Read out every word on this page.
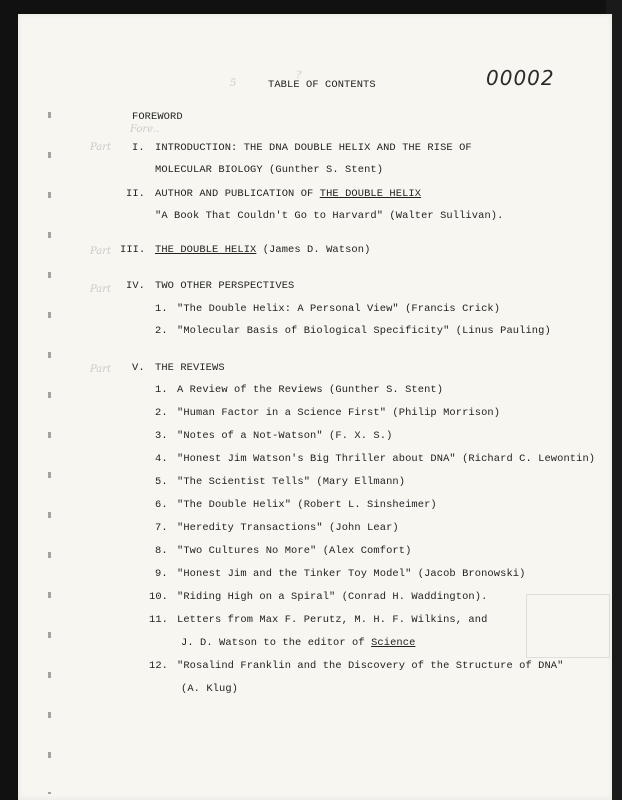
00002
5
?
Fore..
Part
Part
Part
Part
TABLE OF CONTENTS
FOREWORD
I. INTRODUCTION: THE DNA DOUBLE HELIX AND THE RISE OF
MOLECULAR BIOLOGY (Gunther S. Stent)
II. AUTHOR AND PUBLICATION OF THE DOUBLE HELIX
"A Book That Couldn't Go to Harvard" (Walter Sullivan).
III. THE DOUBLE HELIX (James D. Watson)
IV. TWO OTHER PERSPECTIVES
1. "The Double Helix: A Personal View" (Francis Crick)
2. "Molecular Basis of Biological Specificity" (Linus Pauling)
V. THE REVIEWS
1. A Review of the Reviews (Gunther S. Stent)
2. "Human Factor in a Science First" (Philip Morrison)
3. "Notes of a Not-Watson" (F. X. S.)
4. "Honest Jim Watson's Big Thriller about DNA" (Richard C. Lewontin)
5. "The Scientist Tells" (Mary Ellmann)
6. "The Double Helix" (Robert L. Sinsheimer)
7. "Heredity Transactions" (John Lear)
8. "Two Cultures No More" (Alex Comfort)
9. "Honest Jim and the Tinker Toy Model" (Jacob Bronowski)
10. "Riding High on a Spiral" (Conrad H. Waddington).
11. Letters from Max F. Perutz, M. H. F. Wilkins, and
J. D. Watson to the editor of Science
12. "Rosalind Franklin and the Discovery of the Structure of DNA"
(A. Klug)
